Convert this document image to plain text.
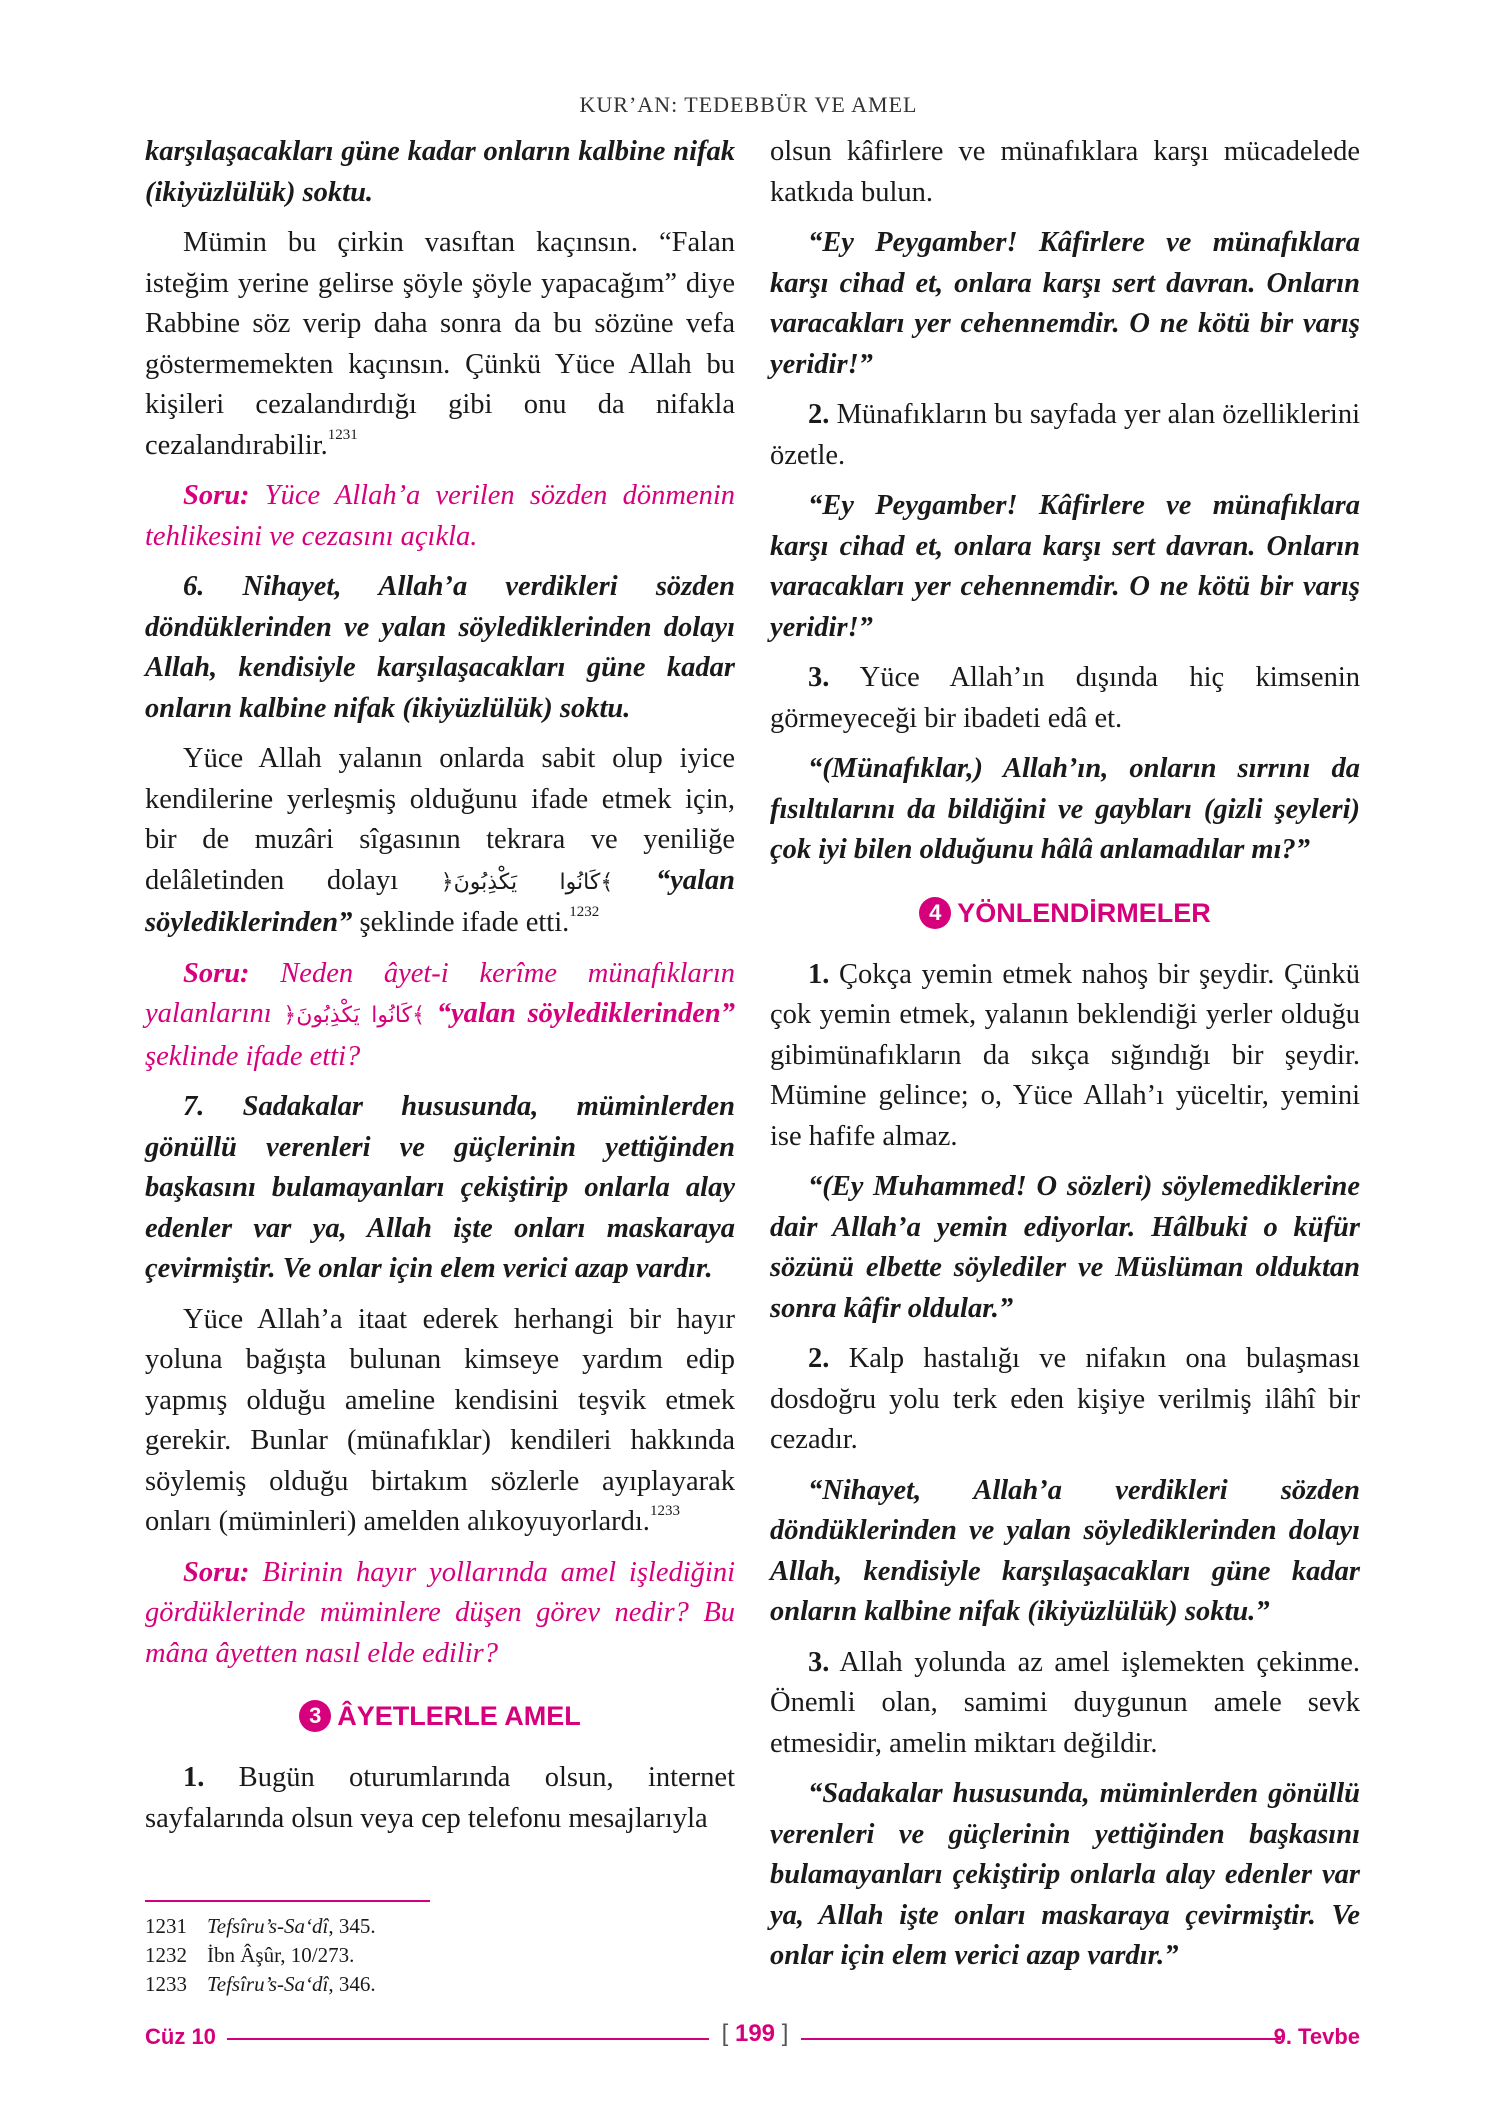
KUR’AN: TEDEBBÜR VE AMEL

karşılaşacakları güne kadar onların kalbine nifak (ikiyüzlülük) soktu.

Mümin bu çirkin vasıftan kaçınsın. “Falan isteğim yerine gelirse şöyle şöyle yapacağım” diye Rabbine söz verip daha sonra da bu sözüne vefa göstermemekten kaçınsın. Çünkü Yüce Allah bu kişileri cezalandırdığı gibi onu da nifakla cezalandırabilir.$^{1231}$

Soru: Yüce Allah’a verilen sözden dönmenin tehlikesini ve cezasını açıkla.

6. Nihayet, Allah’a verdikleri sözden döndüklerinden ve yalan söylediklerinden dolayı Allah, kendisiyle karşılaşacakları güne kadar onların kalbine nifak (ikiyüzlülük) soktu.

Yüce Allah yalanın onlarda sabit olup iyice kendilerine yerleşmiş olduğunu ifade etmek için, bir de muzâri sîgasının tekrara ve yeniliğe delâletinden dolayı ﴿كَانُوا يَكْذِبُونَ﴾ “yalan söylediklerinden” şeklinde ifade etti.$^{1232}$

Soru: Neden âyet-i kerîme münafıkların yalanlarını ﴿كَانُوا يَكْذِبُونَ﴾ “yalan söylediklerinden” şeklinde ifade etti?

7. Sadakalar hususunda, müminlerden gönüllü verenleri ve güçlerinin yettiğinden başkasını bulamayanları çekiştirip onlarla alay edenler var ya, Allah işte onları maskaraya çevirmiştir. Ve onlar için elem verici azap vardır.

Yüce Allah’a itaat ederek herhangi bir hayır yoluna bağışta bulunan kimseye yardım edip yapmış olduğu ameline kendisini teşvik etmek gerekir. Bunlar (münafıklar) kendileri hakkında söylemiş olduğu birtakım sözlerle ayıplayarak onları (müminleri) amelden alıkoyuyorlardı.$^{1233}$

Soru: Birinin hayır yollarında amel işlediğini gördüklerinde müminlere düşen görev nedir? Bu mâna âyetten nasıl elde edilir?

3 ÂYETLERLE AMEL

1. Bugün oturumlarında olsun, internet sayfalarında olsun veya cep telefonu mesajlarıyla

olsun kâfirlere ve münafıklara karşı mücadelede katkıda bulun.

“Ey Peygamber! Kâfirlere ve münafıklara karşı cihad et, onlara karşı sert davran. Onların varacakları yer cehennemdir. O ne kötü bir varış yeridir!”

2. Münafıkların bu sayfada yer alan özelliklerini özetle.

“Ey Peygamber! Kâfirlere ve münafıklara karşı cihad et, onlara karşı sert davran. Onların varacakları yer cehennemdir. O ne kötü bir varış yeridir!”

3. Yüce Allah’ın dışında hiç kimsenin görmeyeceği bir ibadeti edâ et.

“(Münafıklar,) Allah’ın, onların sırrını da fısıltılarını da bildiğini ve gaybları (gizli şeyleri) çok iyi bilen olduğunu hâlâ anlamadılar mı?”

4 YÖNLENDİRMELER

1. Çokça yemin etmek nahoş bir şeydir. Çünkü çok yemin etmek, yalanın beklendiği yerler olduğu gibimünafıkların da sıkça sığındığı bir şeydir. Mümine gelince; o, Yüce Allah’ı yüceltir, yemini ise hafife almaz.

“(Ey Muhammed! O sözleri) söylemediklerine dair Allah’a yemin ediyorlar. Hâlbuki o küfür sözünü elbette söylediler ve Müslüman olduktan sonra kâfir oldular.”

2. Kalp hastalığı ve nifakın ona bulaşması dosdoğru yolu terk eden kişiye verilmiş ilâhî bir cezadır.

“Nihayet, Allah’a verdikleri sözden döndüklerinden ve yalan söylediklerinden dolayı Allah, kendisiyle karşılaşacakları güne kadar onların kalbine nifak (ikiyüzlülük) soktu.”

3. Allah yolunda az amel işlemekten çekinme. Önemli olan, samimi duygunun amele sevk etmesidir, amelin miktarı değildir.

“Sadakalar hususunda, müminlerden gönüllü verenleri ve güçlerinin yettiğinden başkasını bulamayanları çekiştirip onlarla alay edenler var ya, Allah işte onları maskaraya çevirmiştir. Ve onlar için elem verici azap vardır.”

1231 Tefsîru’s-Sa‘dî, 345.
1232 İbn Âşûr, 10/273.
1233 Tefsîru’s-Sa‘dî, 346.
Cüz 10	[ 199 ]	9. Tevbe
